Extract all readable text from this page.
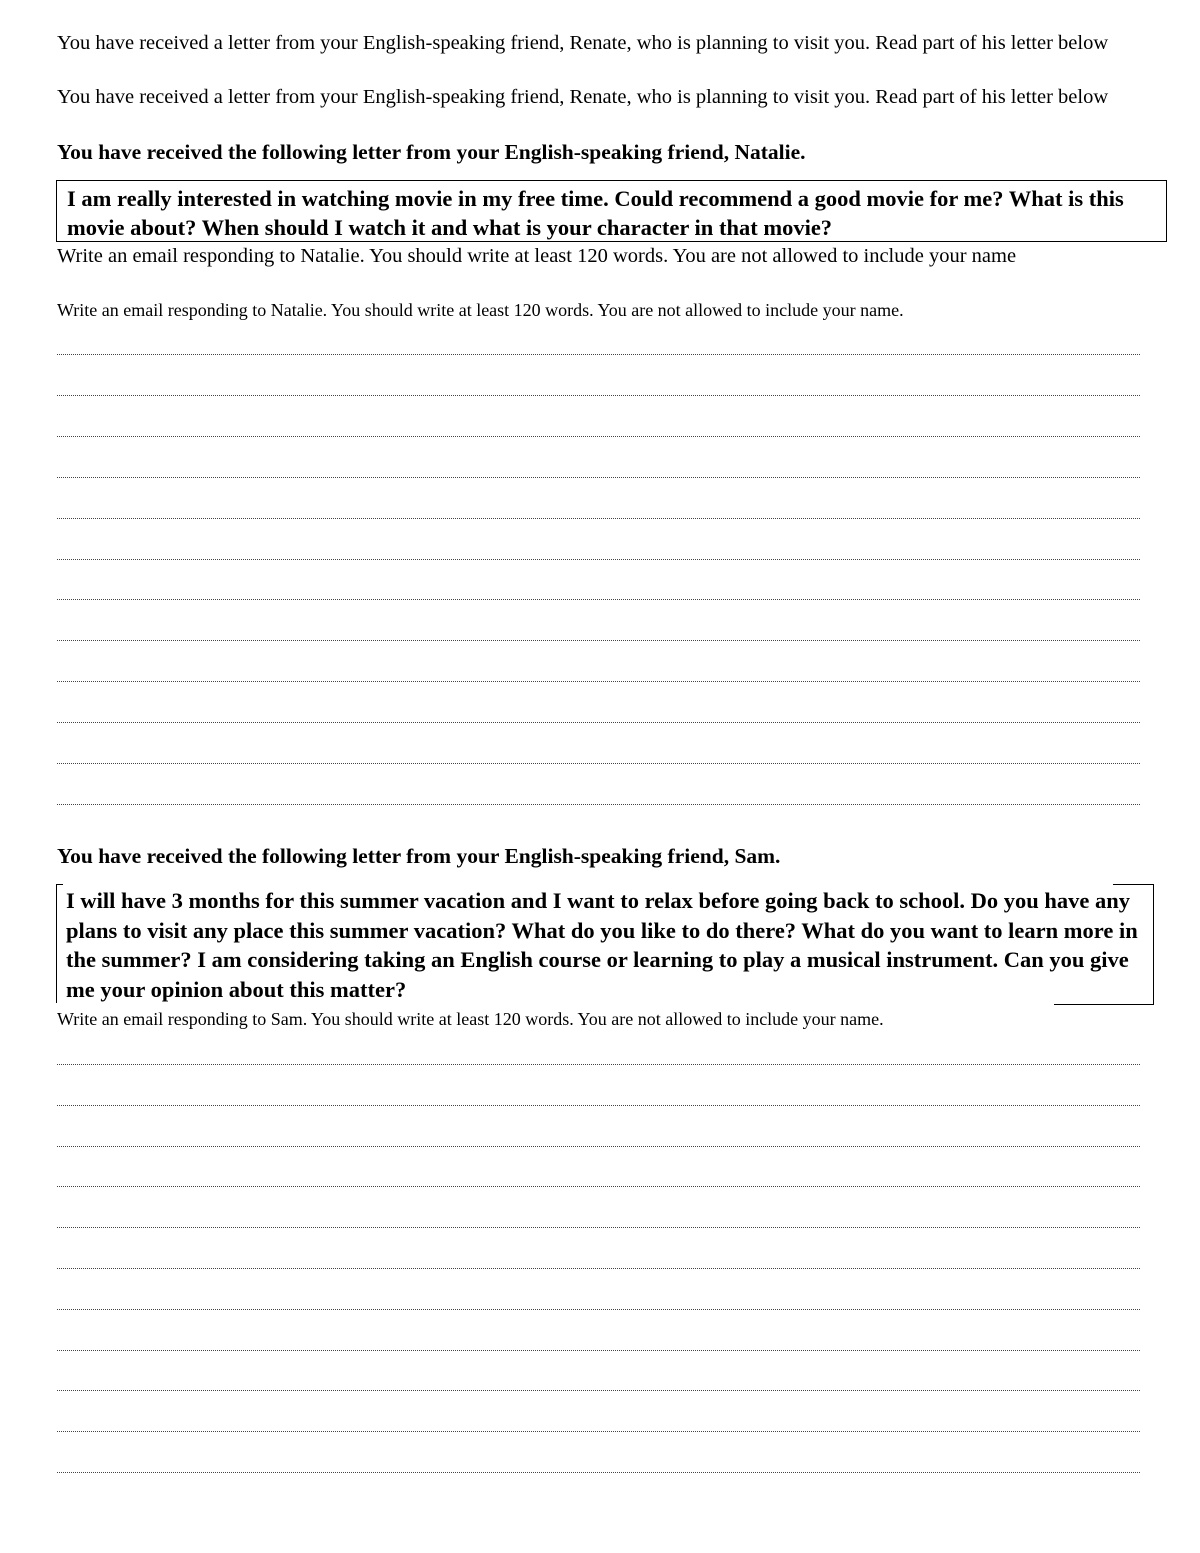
You have received a letter from your English-speaking friend, Renate, who is planning to visit you. Read part of his letter below
You have received a letter from your English-speaking friend, Renate, who is planning to visit you. Read part of his letter below
You have received the following letter from your English-speaking friend, Natalie.
I am really interested in watching movie in my free time. Could recommend a good movie for me? What is this movie about? When should I watch it and what is your character in that movie?
Write an email responding to Natalie. You should write at least 120 words. You are not allowed to include your name
Write an email responding to Natalie. You should write at least 120 words. You are not allowed to include your name.
You have received the following letter from your English-speaking friend, Sam.
I will have 3 months for this summer vacation and I want to relax before going back to school. Do you have any plans to visit any place this summer vacation? What do you like to do there? What do you want to learn more in the summer? I am considering taking an English course or learning to play a musical instrument. Can you give me your opinion about this matter?
Write an email responding to Sam. You should write at least 120 words. You are not allowed to include your name.
